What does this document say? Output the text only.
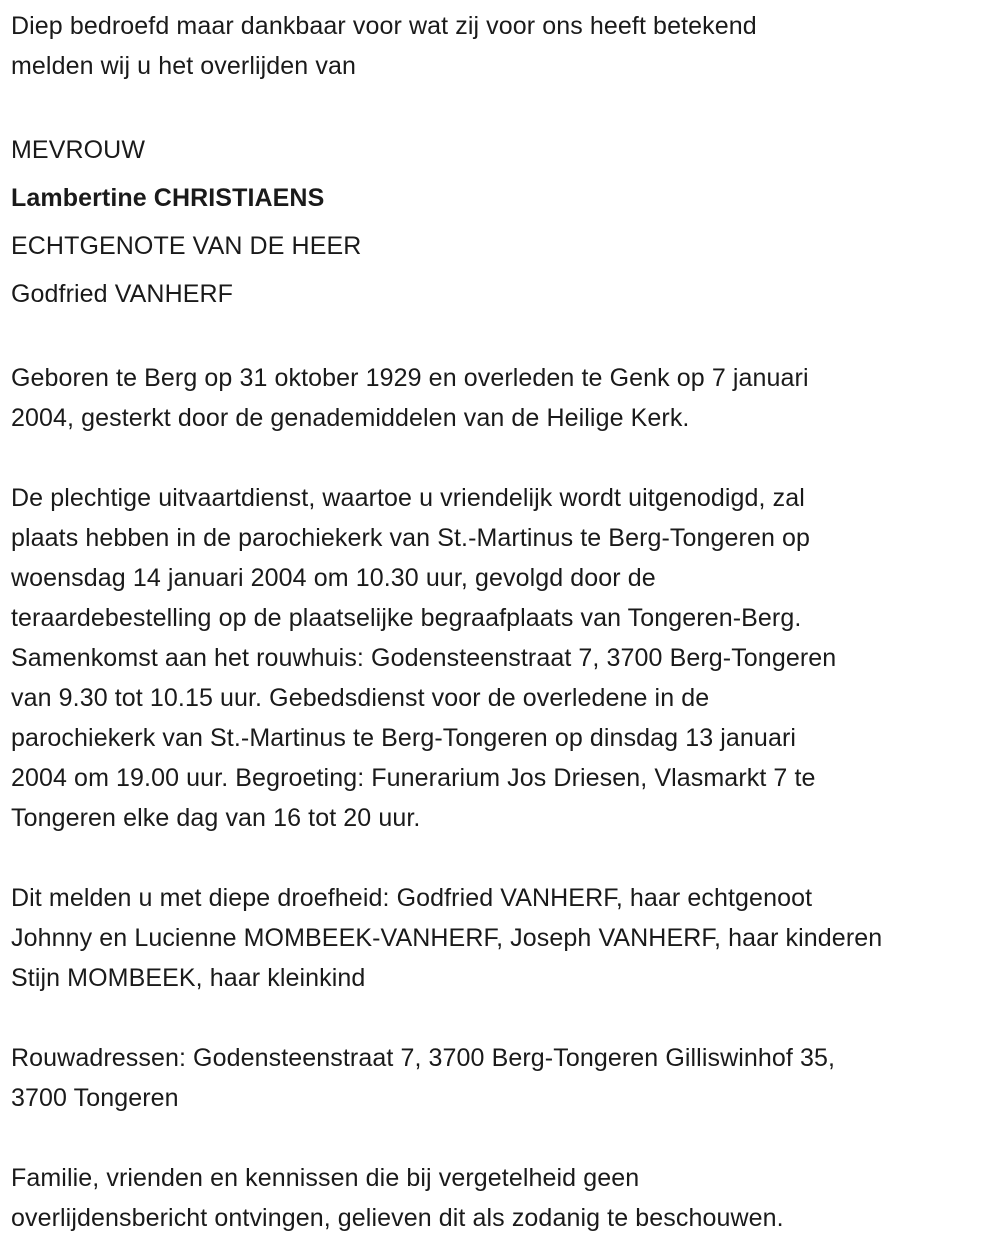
Diep bedroefd maar dankbaar voor wat zij voor ons heeft betekend
melden wij u het overlijden van
MEVROUW
Lambertine CHRISTIAENS
ECHTGENOTE VAN DE HEER
Godfried VANHERF
Geboren te Berg op 31 oktober 1929 en overleden te Genk op 7 januari
2004, gesterkt door de genademiddelen van de Heilige Kerk.
De plechtige uitvaartdienst, waartoe u vriendelijk wordt uitgenodigd, zal
plaats hebben in de parochiekerk van St.-Martinus te Berg-Tongeren op
woensdag 14 januari 2004 om 10.30 uur, gevolgd door de
teraardebestelling op de plaatselijke begraafplaats van Tongeren-Berg.
Samenkomst aan het rouwhuis: Godensteenstraat 7, 3700 Berg-Tongeren
van 9.30 tot 10.15 uur. Gebedsdienst voor de overledene in de
parochiekerk van St.-Martinus te Berg-Tongeren op dinsdag 13 januari
2004 om 19.00 uur. Begroeting: Funerarium Jos Driesen, Vlasmarkt 7 te
Tongeren elke dag van 16 tot 20 uur.
Dit melden u met diepe droefheid: Godfried VANHERF, haar echtgenoot
Johnny en Lucienne MOMBEEK-VANHERF, Joseph VANHERF, haar kinderen
Stijn MOMBEEK, haar kleinkind
Rouwadressen: Godensteenstraat 7, 3700 Berg-Tongeren Gilliswinhof 35,
3700 Tongeren
Familie, vrienden en kennissen die bij vergetelheid geen
overlijdensbericht ontvingen, gelieven dit als zodanig te beschouwen.
